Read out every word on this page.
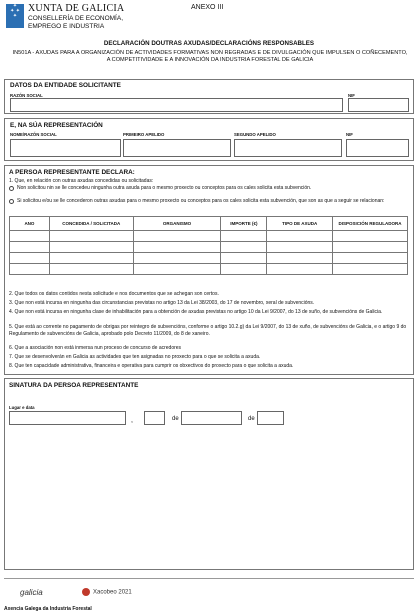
✦
✦ ✦
✦
XUNTA DE GALICIA
CONSELLERÍA DE ECONOMÍA,
EMPREGO E INDUSTRIA
ANEXO III
DECLARACIÓN DOUTRAS AXUDAS/DECLARACIÓNS RESPONSABLES
IN501A - AXUDAS PARA A ORGANIZACIÓN DE ACTIVIDADES FORMATIVAS NON REGRADAS E DE DIVULGACIÓN QUE IMPULSEN O COÑECEMENTO, A COMPETITIVIDADE E A INNOVACIÓN DA INDUSTRIA FORESTAL DE GALICIA
DATOS DA ENTIDADE SOLICITANTE
RAZÓN SOCIAL	NIF
E, NA SÚA REPRESENTACIÓN
NOME/RAZÓN SOCIAL	PRIMEIRO APELIDO	SEGUNDO APELIDO	NIF
A PERSOA REPRESENTANTE DECLARA:
1. Que, en relación con outras axudas concedidas ou solicitadas:
Non solicitou nin se lle concedeu ningunha outra axuda para o mesmo proxecto ou conceptos para os cales solicita esta subvención.
Si solicitou e/ou se lle concederon outras axudas para o mesmo proxecto ou conceptos para os cales solicita esta subvención, que son as que a seguir se relacionan:
ANO	CONCEDIDA / SOLICITADA	ORGANISMO	IMPORTE (€)	TIPO DE AXUDA	DISPOSICIÓN REGULADORA

2. Que todos os datos contidos nesta solicitude e nos documentos que se achegan son certos.
3. Que non está incursa en ningunha das circunstancias previstas no artigo 13 da Lei 38/2003, do 17 de novembro, xeral de subvencións.
4. Que non está incursa en ningunha clase de inhabilitación para a obtención de axudas previstas no artigo 10 da Lei 9/2007, do 13 de xuño, de subvencións de Galicia.
5. Que está ao corrente no pagamento de obrigas por reintegro de subvencións, conforme o artigo 10.2.g) da Lei 9/2007, do 13 de xuño, de subvencións de Galicia, e o artigo 9 do Regulamento de subvencións de Galicia, aprobado polo Decreto 11/2009, do 8 de xaneiro.
6. Que a asociación non está inmersa nun proceso de concurso de acredores
7. Que se desenvolverán en Galicia as actividades que ten asignadas no proxecto para o que se solicita a axuda.
8. Que ten capacidade administrativa, financeira e operativa para cumprir os obxectivos do proxecto para o que solicita a axuda.
SINATURA DA PERSOA REPRESENTANTE
Lugar e data
,	de	de
galicia	Xacobeo 2021
Axencia Galega da Industria Forestal
